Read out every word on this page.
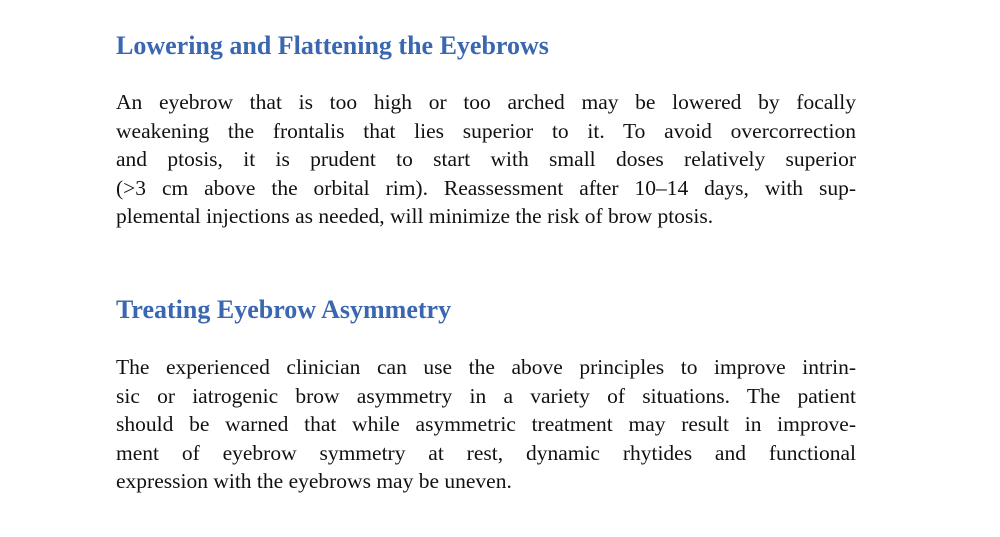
Lowering and Flattening the Eyebrows
An eyebrow that is too high or too arched may be lowered by focally
weakening the frontalis that lies superior to it. To avoid overcorrection
and ptosis, it is prudent to start with small doses relatively superior
(>3 cm above the orbital rim). Reassessment after 10–14 days, with sup-
plemental injections as needed, will minimize the risk of brow ptosis.
Treating Eyebrow Asymmetry
The experienced clinician can use the above principles to improve intrin-
sic or iatrogenic brow asymmetry in a variety of situations. The patient
should be warned that while asymmetric treatment may result in improve-
ment of eyebrow symmetry at rest, dynamic rhytides and functional
expression with the eyebrows may be uneven.
